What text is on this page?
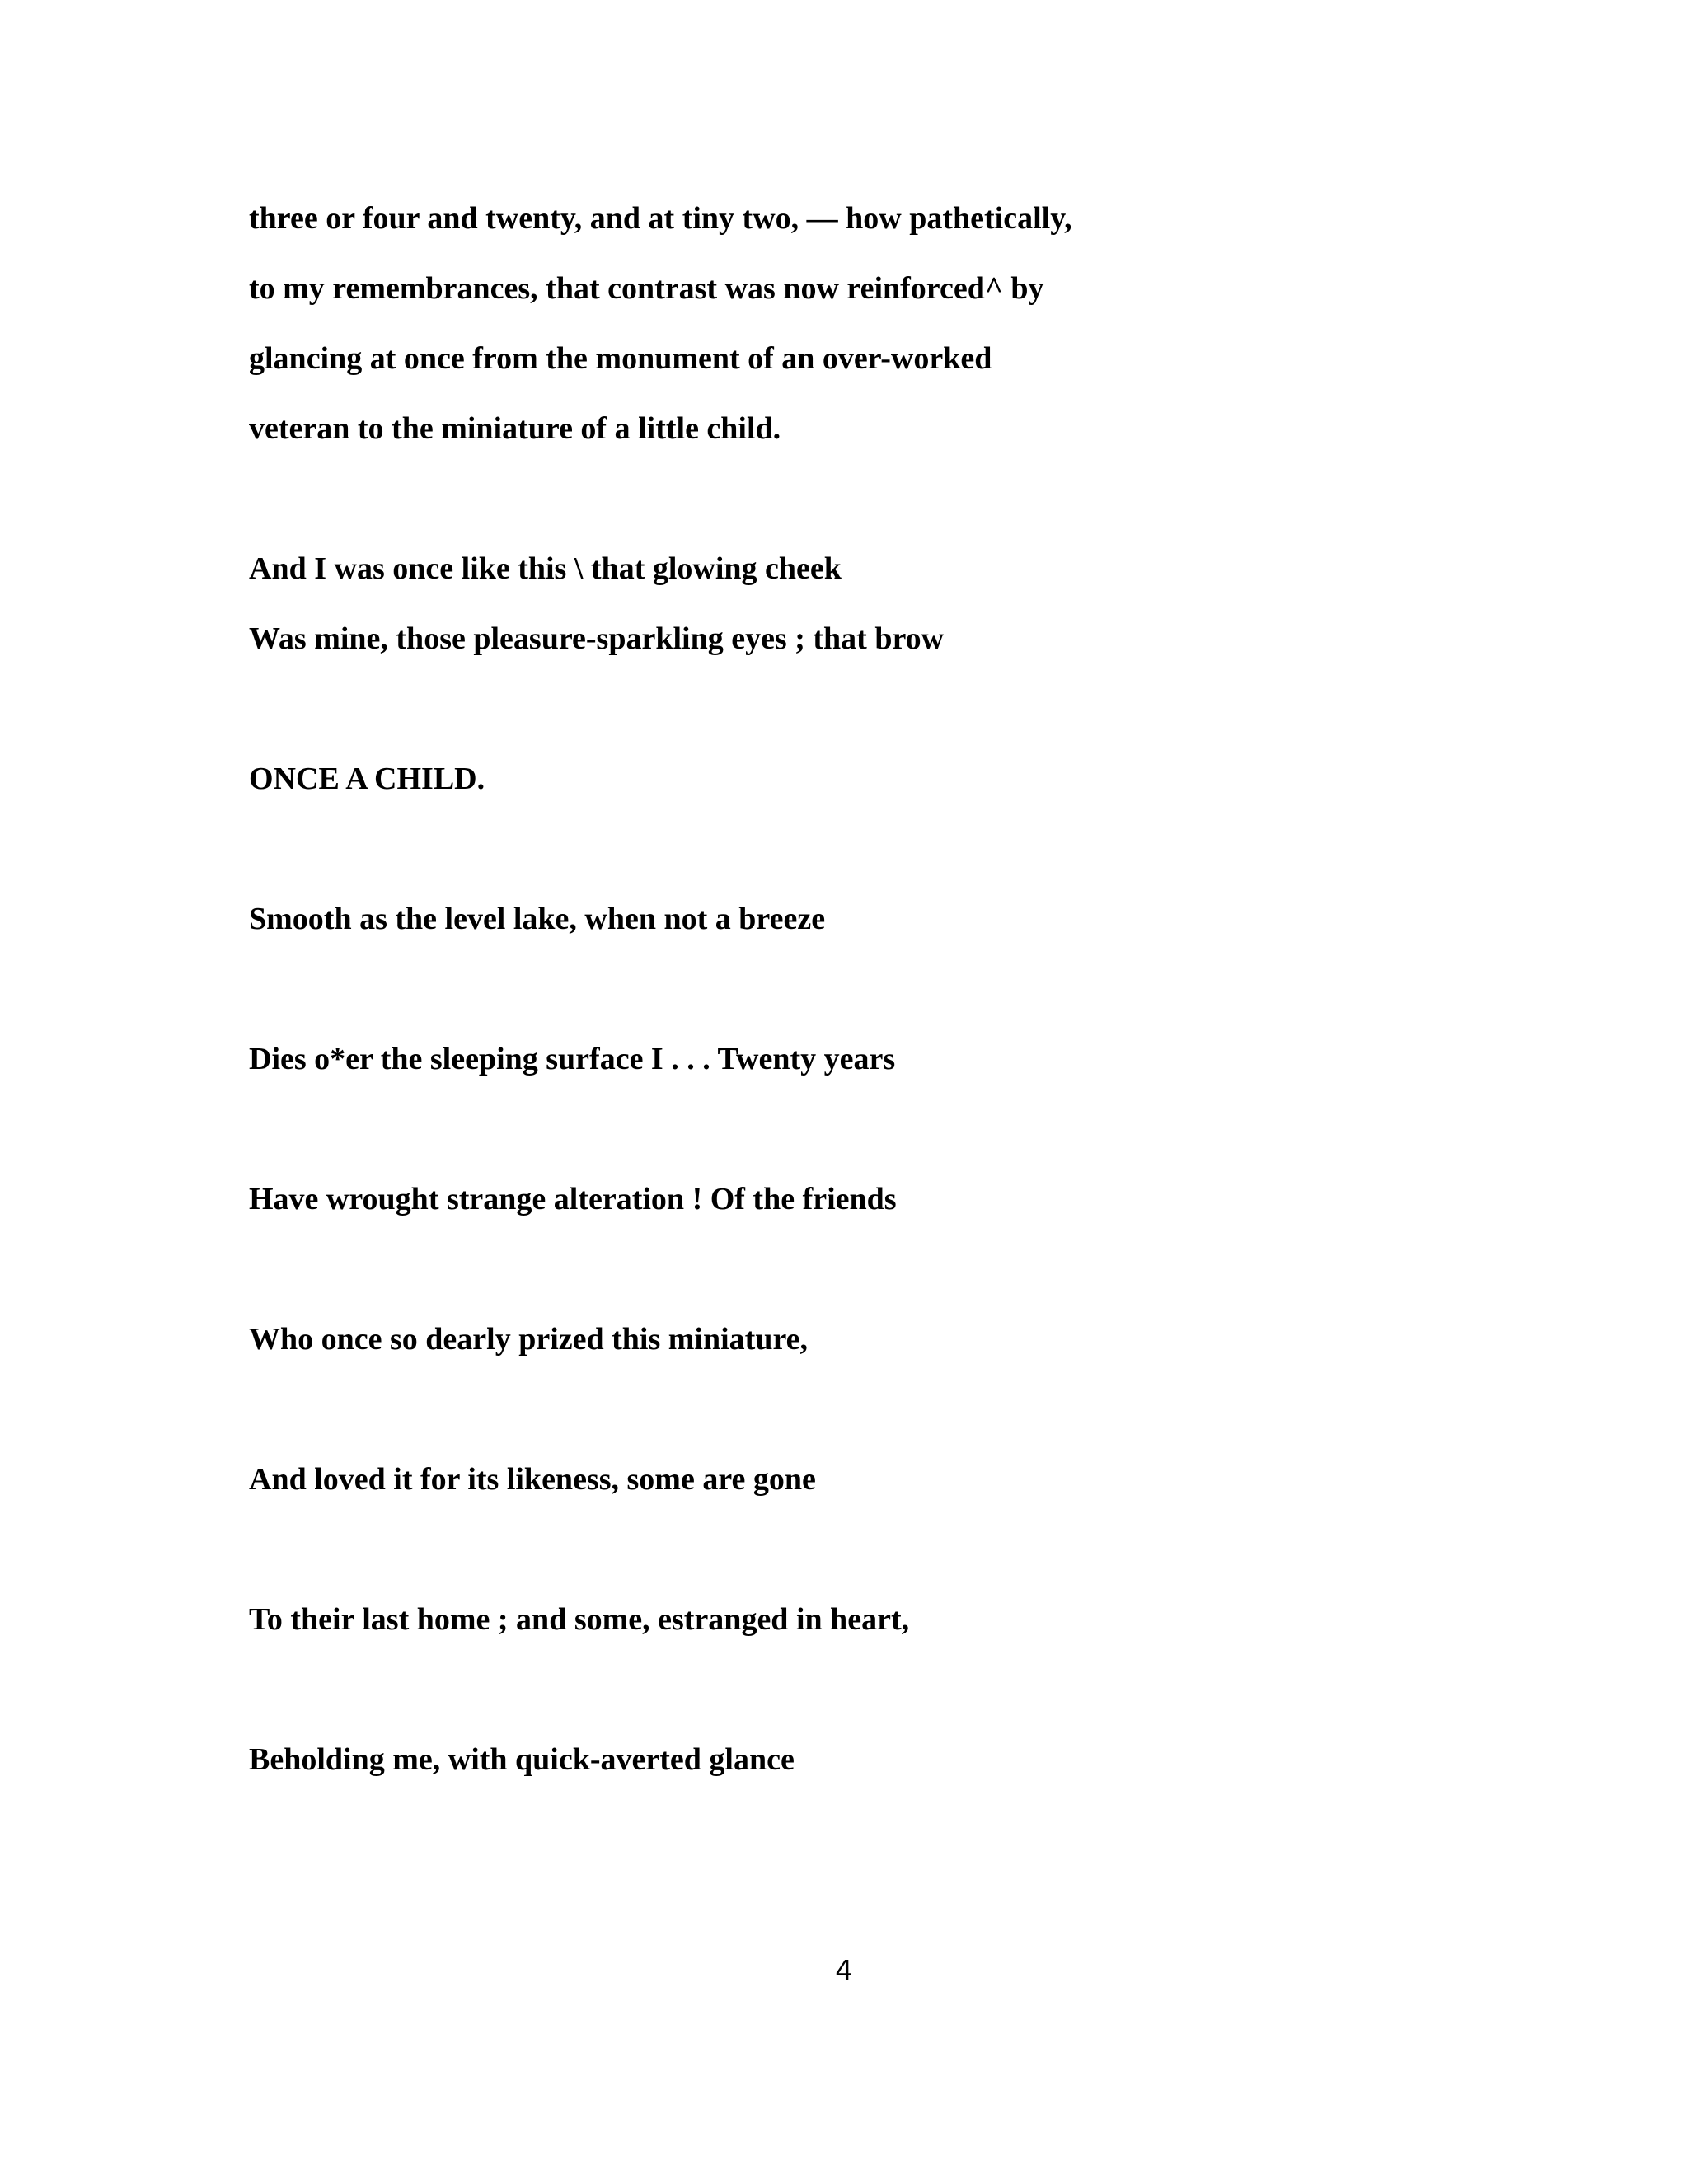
three or four and twenty, and at tiny two, — how pathetically,

to my remembrances, that contrast was now reinforced^ by

glancing at once from the monument of an over-worked

veteran to the miniature of a little child.

And I was once like this \ that glowing cheek

Was mine, those pleasure-sparkling eyes ; that brow

ONCE A CHILD.

Smooth as the level lake, when not a breeze

Dies o*er the sleeping surface I . . . Twenty years

Have wrought strange alteration ! Of the friends

Who once so dearly prized this miniature,

And loved it for its likeness, some are gone

To their last home ; and some, estranged in heart,

Beholding me, with quick-averted glance

4
